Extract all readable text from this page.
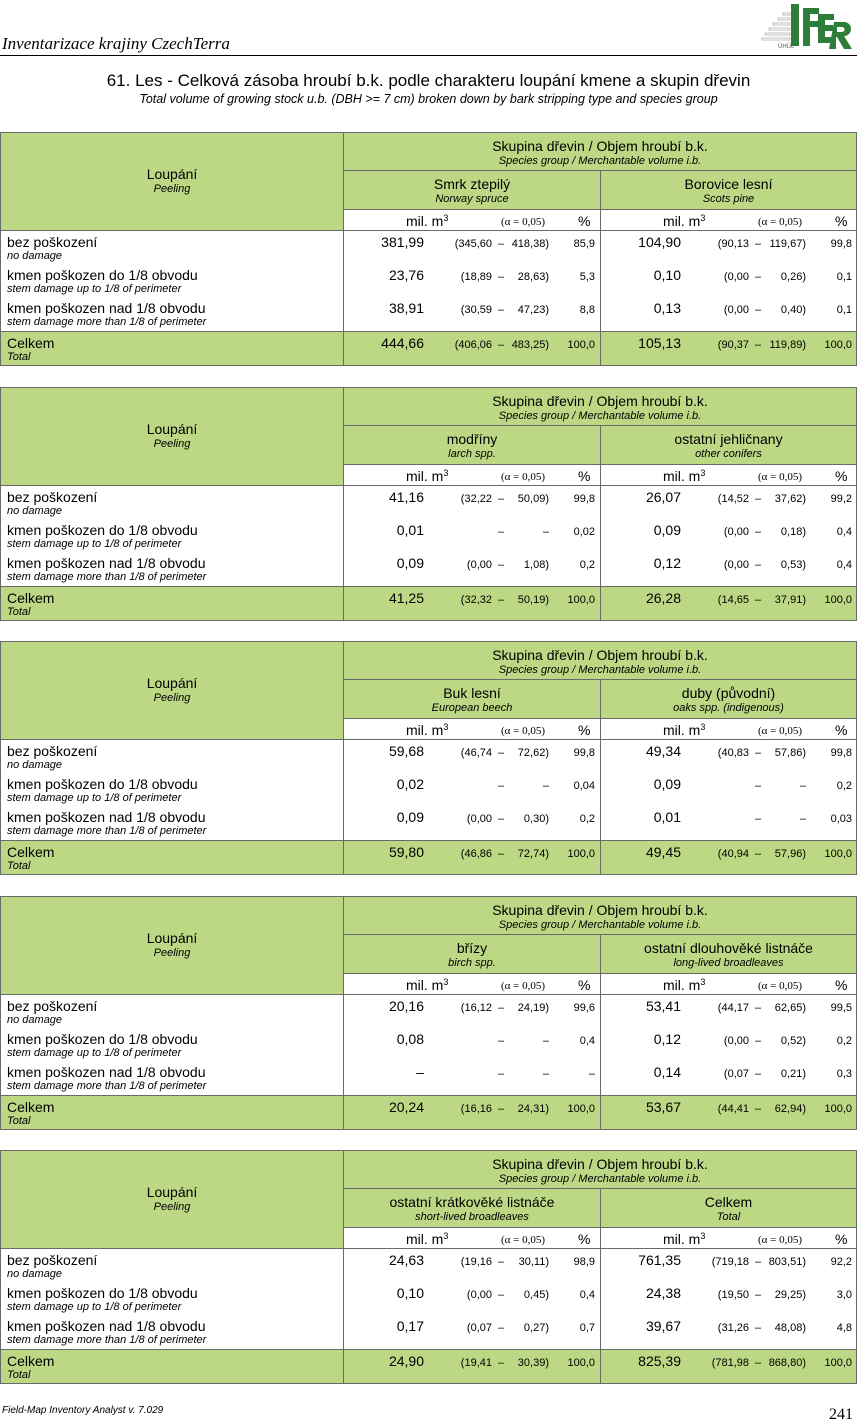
Inventarizace krajiny CzechTerra	ÚHÚL
61. Les - Celková zásoba hroubí b.k. podle charakteru loupání kmene a skupin dřevin
Total volume of growing stock u.b. (DBH >= 7 cm) broken down by bark stripping type and species group
Loupání
Peeling
Skupina dřevin / Objem hroubí b.k.
Species group / Merchantable volume i.b.
Smrk ztepilý
Norway spruce
mil. $m^3$	(α = 0,05) %
Borovice lesní
Scots pine
mil. $m^3$	(α = 0,05) %
bez poškození
no damage
381,99	(345,60 – 418,38)	85,9	104,90	(90,13 – 119,67)	99,8
kmen poškozen do 1/8 obvodu
stem damage up to 1/8 of perimeter
23,76	(18,89 –	28,63)	5,3	0,10	(0,00 –	0,26)	0,1
kmen poškozen nad 1/8 obvodu
stem damage more than 1/8 of perimeter
38,91	(30,59 –	47,23)	8,8	0,13	(0,00 –	0,40)	0,1
Celkem
Total
444,66	(406,06 – 483,25)	100,0	105,13	(90,37 – 119,89)	100,0
Loupání
Peeling
Skupina dřevin / Objem hroubí b.k.
Species group / Merchantable volume i.b.
modříny
larch spp.
mil. $m^3$	(α = 0,05) %
ostatní jehličnany
other conifers
mil. $m^3$	(α = 0,05) %
bez poškození
no damage
41,16	(32,22 –	50,09)	99,8	26,07	(14,52 –	37,62)	99,2
kmen poškozen do 1/8 obvodu
stem damage up to 1/8 of perimeter
0,01	–	–	0,02	0,09	(0,00 –	0,18)	0,4
kmen poškozen nad 1/8 obvodu
stem damage more than 1/8 of perimeter
0,09	(0,00 –	1,08)	0,2	0,12	(0,00 –	0,53)	0,4
Celkem
Total
41,25	(32,32 –	50,19)	100,0	26,28	(14,65 –	37,91)	100,0
Loupání
Peeling
Skupina dřevin / Objem hroubí b.k.
Species group / Merchantable volume i.b.
Buk lesní
European beech
mil. $m^3$	(α = 0,05) %
duby (původní)
oaks spp. (indigenous)
mil. $m^3$	(α = 0,05) %
bez poškození
no damage
59,68	(46,74 –	72,62)	99,8	49,34	(40,83 –	57,86)	99,8
kmen poškozen do 1/8 obvodu
stem damage up to 1/8 of perimeter
0,02	–	–	0,04	0,09	–	–	0,2
kmen poškozen nad 1/8 obvodu
stem damage more than 1/8 of perimeter
0,09	(0,00 –	0,30)	0,2	0,01	–	–	0,03
Celkem
Total
59,80	(46,86 –	72,74)	100,0	49,45	(40,94 –	57,96)	100,0
Loupání
Peeling
Skupina dřevin / Objem hroubí b.k.
Species group / Merchantable volume i.b.
břízy
birch spp.
mil. $m^3$	(α = 0,05) %
ostatní dlouhověké listnáče
long-lived broadleaves
mil. $m^3$	(α = 0,05) %
bez poškození
no damage
20,16	(16,12 –	24,19)	99,6	53,41	(44,17 –	62,65)	99,5
kmen poškozen do 1/8 obvodu
stem damage up to 1/8 of perimeter
0,08	–	–	0,4	0,12	(0,00 –	0,52)	0,2
kmen poškozen nad 1/8 obvodu
stem damage more than 1/8 of perimeter
–	–	–	–	0,14	(0,07 –	0,21)	0,3
Celkem
Total
20,24	(16,16 –	24,31)	100,0	53,67	(44,41 –	62,94)	100,0
Loupání
Peeling
Skupina dřevin / Objem hroubí b.k.
Species group / Merchantable volume i.b.
ostatní krátkověké listnáče
short-lived broadleaves
mil. $m^3$	(α = 0,05) %
Celkem
Total
mil. $m^3$	(α = 0,05) %
bez poškození
no damage
24,63	(19,16 –	30,11)	98,9	761,35	(719,18 – 803,51)	92,2
kmen poškozen do 1/8 obvodu
stem damage up to 1/8 of perimeter
0,10	(0,00 –	0,45)	0,4	24,38	(19,50 –	29,25)	3,0
kmen poškozen nad 1/8 obvodu
stem damage more than 1/8 of perimeter
0,17	(0,07 –	0,27)	0,7	39,67	(31,26 –	48,08)	4,8
Celkem
Total
24,90	(19,41 –	30,39)	100,0	825,39	(781,98 – 868,80)	100,0
Field-Map Inventory Analyst v. 7.029	241
